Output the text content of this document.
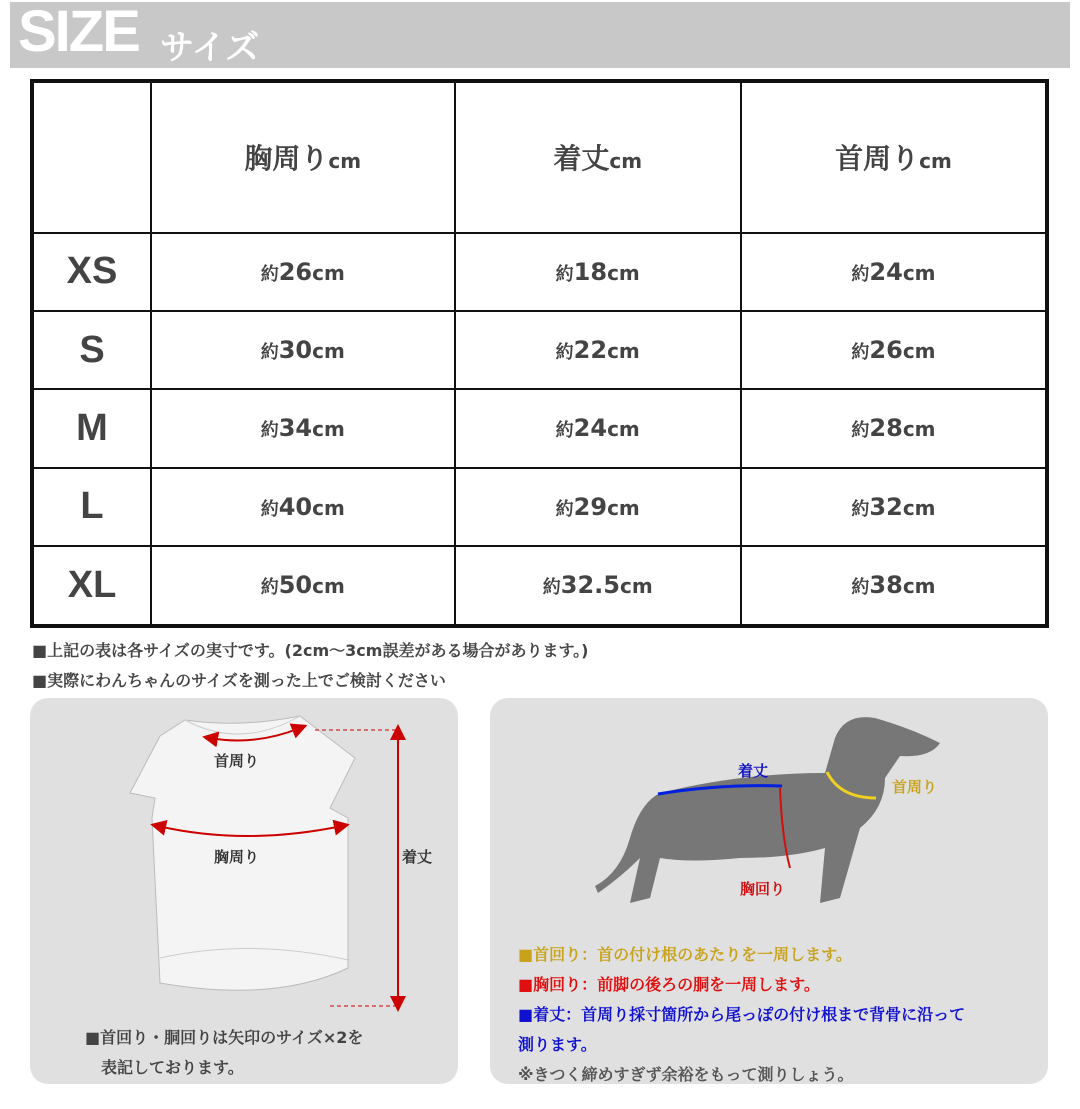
SIZE サイズ
	胸周りcm	着丈cm	首周りcm
XS	約26cm	約18cm	約24cm
S	約30cm	約22cm	約26cm
M	約34cm	約24cm	約28cm
L	約40cm	約29cm	約32cm
XL	約50cm	約32.5cm	約38cm
■上記の表は各サイズの実寸です。(2cm〜3cm誤差がある場合があります。)
■実際にわんちゃんのサイズを測った上でご検討ください
首周り
胸周り	着丈
■首回り・胴回りは矢印のサイズ×2を
表記しております。
着丈
首周り
胸回り
■首回り：首の付け根のあたりを一周します。
■胸回り：前脚の後ろの胴を一周します。
■着丈：首周り採寸箇所から尾っぽの付け根まで背骨に沿って
測ります。
※きつく締めすぎず余裕をもって測りしょう。
